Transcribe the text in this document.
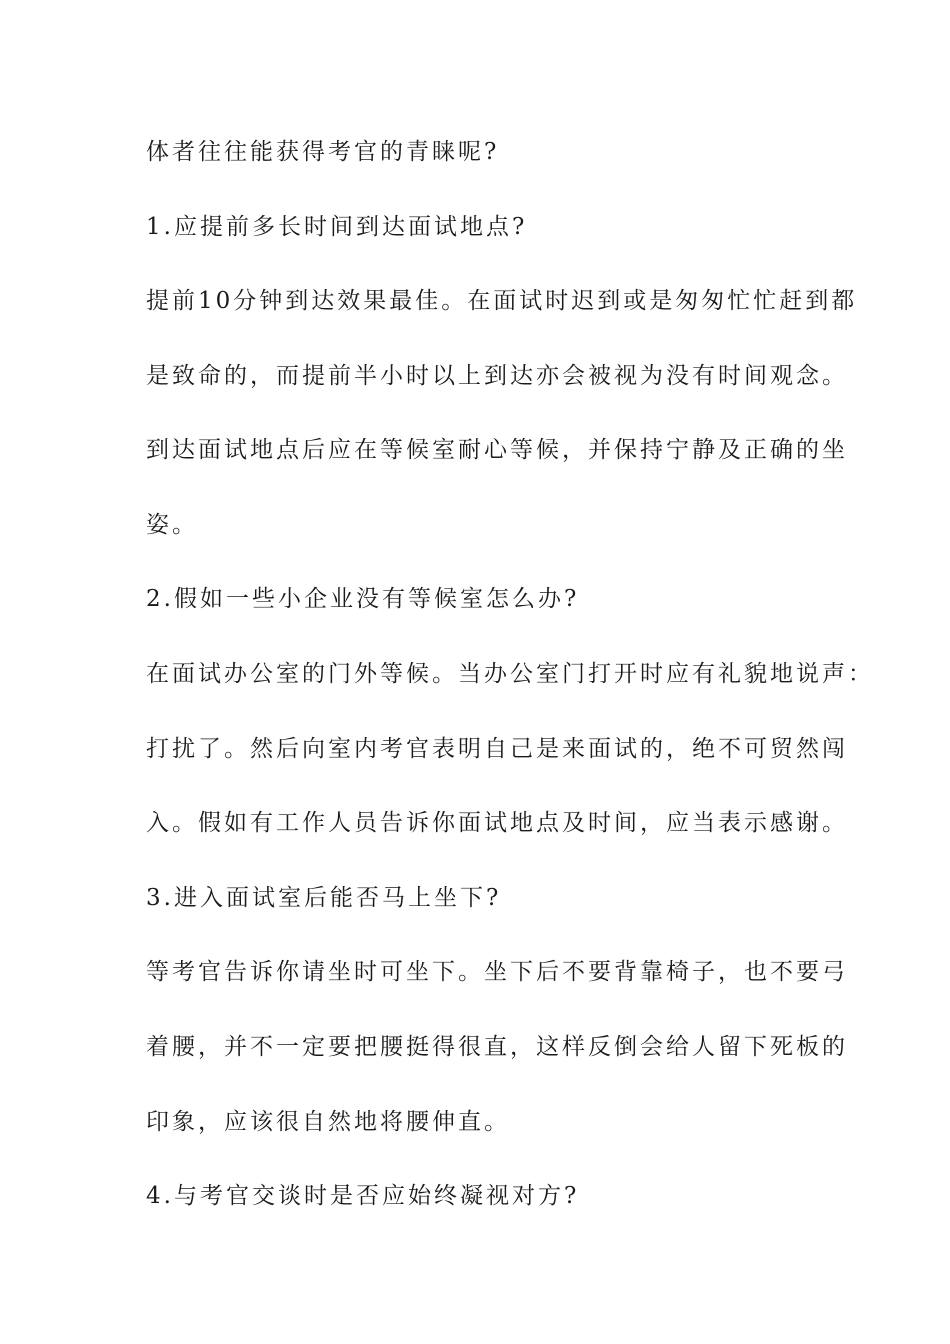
体者往往能获得考官的青睐呢?

1.应提前多长时间到达面试地点?

提前10分钟到达效果最佳。在面试时迟到或是匆匆忙忙赶到都

是致命的，而提前半小时以上到达亦会被视为没有时间观念。

到达面试地点后应在等候室耐心等候，并保持宁静及正确的坐

姿。

2.假如一些小企业没有等候室怎么办?

在面试办公室的门外等候。当办公室门打开时应有礼貌地说声：

打扰了。然后向室内考官表明自己是来面试的，绝不可贸然闯

入。假如有工作人员告诉你面试地点及时间，应当表示感谢。

3.进入面试室后能否马上坐下?

等考官告诉你请坐时可坐下。坐下后不要背靠椅子，也不要弓

着腰，并不一定要把腰挺得很直，这样反倒会给人留下死板的

印象，应该很自然地将腰伸直。

4.与考官交谈时是否应始终凝视对方?
